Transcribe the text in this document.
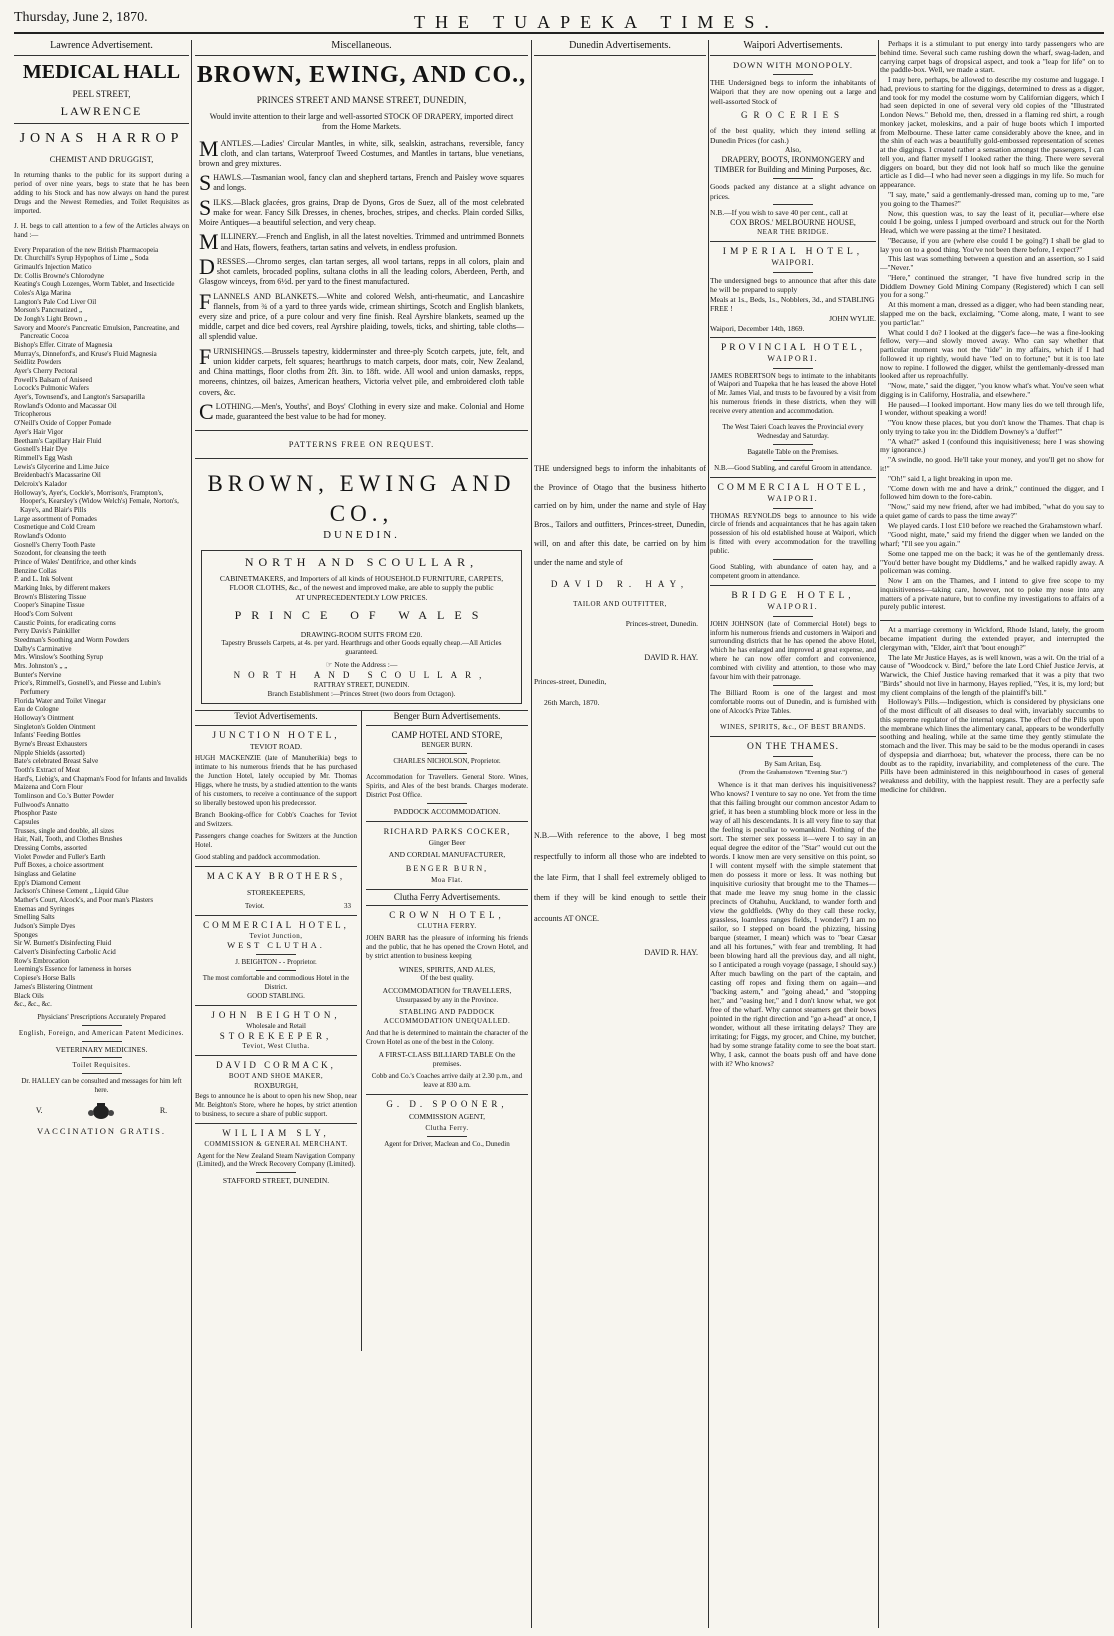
Thursday, June 2, 1870.	THE TUAPEKA TIMES.
Lawrence Advertisement.
MEDICAL HALL
PEEL STREET,
LAWRENCE
JONAS HARROP
CHEMIST AND DRUGGIST,
In returning thanks to the public for its support during a period of over nine years, begs to state that he has been adding to his Stock and has now always on hand the purest Drugs and the Newest Remedies, and Toilet Requisites as imported.
J. H. begs to call attention to a few of the Articles always on hand :—
Every Preparation of the new British Pharmacopeia
Dr. Churchill's Syrup Hypophos of Lime „ Soda
Grimault's Injection Matico
Dr. Collis Browne's Chlorodyne
Keating's Cough Lozenges, Worm Tablet, and Insecticide
Coles's Alga Marina
Langton's Pale Cod Liver Oil
Morson's Pancreatized „
De Jongh's Light Brown „
Savory and Moore's Pancreatic Emulsion, Pancreatine, and Pancreatic Cocoa
Bishop's Effer. Citrate of Magnesia
Murray's, Dinneford's, and Kruse's Fluid Magnesia
Seidlitz Powders
Ayer's Cherry Pectoral
Powell's Balsam of Aniseed
Locock's Pulmonic Wafers
Ayer's, Townsend's, and Langton's Sarsaparilla
Rowland's Odonto and Macassar Oil
Tricopherous
O'Neill's Oxide of Copper Pomade
Ayer's Hair Vigor
Beetham's Capillary Hair Fluid
Gosnell's Hair Dye
Rimmell's Egg Wash
Lewis's Glycerine and Lime Juice
Breidenbach's Macassarine Oil
Delcroix's Kalador
Holloway's, Ayer's, Cockle's, Morrison's, Frampton's, Hooper's, Kearsley's (Widow Welch's) Female, Norton's, Kaye's, and Blair's Pills
Large assortment of Pomades
Cosmetique and Cold Cream
Rowland's Odonto
Gosnell's Cherry Tooth Paste
Sozodont, for cleansing the teeth
Prince of Wales' Dentifrice, and other kinds
Benzine Collas
P. and L. Ink Solvent
Marking Inks, by different makers
Brown's Blistering Tissue
Cooper's Sinapine Tissue
Hood's Corn Solvent
Caustic Points, for eradicating corns
Perry Davis's Painkiller
Steedman's Soothing and Worm Powders
Dalby's Carminative
Mrs. Winslow's Soothing Syrup
Mrs. Johnston's „ „
Bunter's Nervine
Price's, Rimmell's, Gosnell's, and Piesse and Lubin's Perfumery
Florida Water and Toilet Vinegar
Eau de Cologne
Holloway's Ointment
Singleton's Golden Ointment
Infants' Feeding Bottles
Byrne's Breast Exhausters
Nipple Shields (assorted)
Bate's celebrated Breast Salve
Tooth's Extract of Meat
Hard's, Liebig's, and Chapman's Food for Infants and Invalids
Maizena and Corn Flour
Tomlinson and Co.'s Butter Powder
Fullwood's Annatto
Phosphor Paste
Capsules
Trusses, single and double, all sizes
Hair, Nail, Tooth, and Clothes Brushes
Dressing Combs, assorted
Violet Powder and Fuller's Earth
Puff Boxes, a choice assortment
Isinglass and Gelatine
Epp's Diamond Cement
Jackson's Chinese Cement „ Liquid Glue
Mather's Court, Alcock's, and Poor man's Plasters
Enemas and Syringes
Smelling Salts
Judson's Simple Dyes
Sponges
Sir W. Burnett's Disinfecting Fluid
Calvert's Disinfecting Carbolic Acid
Row's Embrocation
Leeming's Essence for lameness in horses
Copiese's Horse Balls
James's Blistering Ointment
Black Oils
&c., &c., &c.
Physicians' Prescriptions Accurately Prepared
English, Foreign, and American Patent Medicines.
VETERINARY MEDICINES.
Toilet Requisites.
Dr. HALLEY can be consulted and messages for him left here.
V.	R.
VACCINATION GRATIS.
Miscellaneous.
BROWN, EWING, AND CO.,
PRINCES STREET AND MANSE STREET, DUNEDIN,
Would invite attention to their large and well-assorted STOCK OF DRAPERY, imported direct from the Home Markets.
MANTLES.—Ladies' Circular Mantles, in white, silk, sealskin, astrachans, reversible, fancy cloth, and clan tartans, Waterproof Tweed Costumes, and Mantles in tartans, blue venetians, brown and grey mixtures.
SHAWLS.—Tasmanian wool, fancy clan and shepherd tartans, French and Paisley wove squares and longs.
SILKS.—Black glacées, gros grains, Drap de Dyons, Gros de Suez, all of the most celebrated make for wear. Fancy Silk Dresses, in chenes, broches, stripes, and checks. Plain corded Silks, Moire Antiques—a beautiful selection, and very cheap.
MILLINERY.—French and English, in all the latest novelties. Trimmed and untrimmed Bonnets and Hats, flowers, feathers, tartan satins and velvets, in endless profusion.
DRESSES.—Chromo serges, clan tartan serges, all wool tartans, repps in all colors, plain and shot camlets, brocaded poplins, sultana cloths in all the leading colors, Aberdeen, Perth, and Glasgow winceys, from 6½d. per yard to the finest manufactured.
FLANNELS AND BLANKETS.—White and colored Welsh, anti-rheumatic, and Lancashire flannels, from ¾ of a yard to three yards wide, crimean shirtings, Scotch and English blankets, every size and price, of a pure colour and very fine finish. Real Ayrshire blankets, seamed up the middle, carpet and dice bed covers, real Ayrshire plaiding, towels, ticks, and shirting, table cloths—all splendid value.
FURNISHINGS.—Brussels tapestry, kidderminster and three-ply Scotch carpets, jute, felt, and union kidder carpets, felt squares; hearthrugs to match carpets, door mats, coir, New Zealand, and China mattings, floor cloths from 2ft. 3in. to 18ft. wide. All wool and union damasks, repps, moreens, chintzes, oil baizes, American heathers, Victoria velvet pile, and embroidered cloth table covers, &c.
CLOTHING.—Men's, Youths', and Boys' Clothing in every size and make. Colonial and Home made, guaranteed the best value to be had for money.
PATTERNS FREE ON REQUEST.
BROWN, EWING AND CO.,
DUNEDIN.
NORTH AND SCOULLAR,
CABINETMAKERS, and Importers of all kinds of HOUSEHOLD FURNITURE, CARPETS, FLOOR CLOTHS, &c., of the newest and improved make, are able to supply the public
AT UNPRECEDENTEDLY LOW PRICES.
PRINCE OF WALES
DRAWING-ROOM SUITS FROM £20.
Tapestry Brussels Carpets, at 4s. per yard. Hearthrugs and other Goods equally cheap.—All Articles guaranteed.
☞ Note the Address :—
NORTH AND SCOULLAR,
RATTRAY STREET, DUNEDIN.
Branch Establishment :—Princes Street (two doors from Octagon).
Teviot Advertisements.
JUNCTION HOTEL,
TEVIOT ROAD.
HUGH MACKENZIE (late of Manuherikia) begs to intimate to his numerous friends that he has purchased the Junction Hotel, lately occupied by Mr. Thomas Higgs, where he trusts, by a studied attention to the wants of his customers, to receive a continuance of the support so liberally bestowed upon his predecessor.
Branch Booking-office for Cobb's Coaches for Teviot and Switzers.
Passengers change coaches for Switzers at the Junction Hotel.
Good stabling and paddock accommodation.
MACKAY BROTHERS,
STOREKEEPERS,
Teviot.	33
COMMERCIAL HOTEL,
Teviot Junction,
WEST CLUTHA.
J. BEIGHTON - - Proprietor.
The most comfortable and commodious Hotel in the District.
GOOD STABLING.
JOHN BEIGHTON,
Wholesale and Retail
STOREKEEPER,
Teviot, West Clutha.
DAVID CORMACK,
BOOT AND SHOE MAKER,
ROXBURGH,
Begs to announce he is about to open his new Shop, near Mr. Beighton's Store, where he hopes, by strict attention to business, to secure a share of public support.
WILLIAM SLY,
COMMISSION & GENERAL MERCHANT.
Agent for the New Zealand Steam Navigation Company (Limited), and the Wreck Recovery Company (Limited).
STAFFORD STREET, DUNEDIN.
Benger Burn Advertisements.
CAMP HOTEL AND STORE,
BENGER BURN.
CHARLES NICHOLSON, Proprietor.
Accommodation for Travellers. General Store. Wines, Spirits, and Ales of the best brands. Charges moderate. District Post Office.
PADDOCK ACCOMMODATION.
RICHARD PARKS COCKER,
Ginger Beer
AND CORDIAL MANUFACTURER,
BENGER BURN,
Moa Flat.
Clutha Ferry Advertisements.
CROWN HOTEL,
CLUTHA FERRY.
JOHN BARR has the pleasure of informing his friends and the public, that he has opened the Crown Hotel, and by strict attention to business keeping
WINES, SPIRITS, AND ALES,
Of the best quality.
ACCOMMODATION for TRAVELLERS,
Unsurpassed by any in the Province.
STABLING AND PADDOCK ACCOMMODATION UNEQUALLED.
And that he is determined to maintain the character of the Crown Hotel as one of the best in the Colony.
A FIRST-CLASS BILLIARD TABLE On the premises.
Cobb and Co.'s Coaches arrive daily at 2.30 p.m., and leave at 830 a.m.
G. D. SPOONER,
COMMISSION AGENT,
Clutha Ferry.
Agent for Driver, Maclean and Co., Dunedin
Dunedin Advertisements.
THE undersigned begs to inform the inhabitants of the Province of Otago that the business hitherto carried on by him, under the name and style of Hay Bros., Tailors and outfitters, Princes-street, Dunedin, will, on and after this date, be carried on by him under the name and style of
DAVID R. HAY,
TAILOR AND OUTFITTER,
Princes-street, Dunedin.
DAVID R. HAY.
Princes-street, Dunedin,
26th March, 1870.
N.B.—With reference to the above, I beg most respectfully to inform all those who are indebted to the late Firm, that I shall feel extremely obliged to them if they will be kind enough to settle their accounts AT ONCE.
DAVID R. HAY.
Waipori Advertisements.
DOWN WITH MONOPOLY.
THE Undersigned begs to inform the inhabitants of Waipori that they are now opening out a large and well-assorted Stock of
GROCERIES
of the best quality, which they intend selling at Dunedin Prices (for cash.)
Also,
DRAPERY, BOOTS, IRONMONGERY and TIMBER for Building and Mining Purposes, &c.
Goods packed any distance at a slight advance on prices.
N.B.—If you wish to save 40 per cent., call at
COX BROS.' MELBOURNE HOUSE,
NEAR THE BRIDGE.
IMPERIAL HOTEL,
WAIPORI.
The undersigned begs to announce that after this date he will be prepared to supply
Meals at 1s., Beds, 1s., Nobblers, 3d., and STABLING FREE !
JOHN WYLIE.
Waipori, December 14th, 1869.
PROVINCIAL HOTEL,
WAIPORI.
JAMES ROBERTSON begs to intimate to the inhabitants of Waipori and Tuapeka that he has leased the above Hotel of Mr. James Vial, and trusts to be favoured by a visit from his numerous friends in these districts, when they will receive every attention and accommodation.
The West Taieri Coach leaves the Provincial every Wednesday and Saturday.
Bagatelle Table on the Premises.
N.B.—Good Stabling, and careful Groom in attendance.
COMMERCIAL HOTEL,
WAIPORI.
THOMAS REYNOLDS begs to announce to his wide circle of friends and acquaintances that he has again taken possession of his old established house at Waipori, which is fitted with every accommodation for the travelling public.
Good Stabling, with abundance of oaten hay, and a competent groom in attendance.
BRIDGE HOTEL,
WAIPORI.
JOHN JOHNSON (late of Commercial Hotel) begs to inform his numerous friends and customers in Waipori and surrounding districts that he has opened the above Hotel, which he has enlarged and improved at great expense, and where he can now offer comfort and convenience, combined with civility and attention, to those who may favour him with their patronage.
The Billiard Room is one of the largest and most comfortable rooms out of Dunedin, and is furnished with one of Alcock's Prize Tables.
WINES, SPIRITS, &c., OF BEST BRANDS.
ON THE THAMES.
By Sam Aritan, Esq.
(From the Grahamstown "Evening Star.")
Whence is it that man derives his inquisitiveness? Who knows? I venture to say no one. Yet from the time that this failing brought our common ancestor Adam to grief, it has been a stumbling block more or less in the way of all his descendants. It is all very fine to say that the feeling is peculiar to womankind. Nothing of the sort. The sterner sex possess it—were I to say in an equal degree the editor of the "Star" would cut out the words. I know men are very sensitive on this point, so I will content myself with the simple statement that men do possess it more or less. It was nothing but inquisitive curiosity that brought me to the Thames—that made me leave my snug home in the classic precincts of Otahuhu, Auckland, to wander forth and view the goldfields. (Why do they call these rocky, grassless, loamless ranges fields, I wonder?) I am no sailor, so I stepped on board the phizzing, hissing barque (steamer, I mean) which was to "bear Cæsar and all his fortunes," with fear and trembling. It had been blowing hard all the previous day, and all night, so I anticipated a rough voyage (passage, I should say.) After much bawling on the part of the captain, and casting off ropes and fixing them on again—and "backing astern," and "going ahead," and "stopping her," and "easing her," and I don't know what, we got free of the wharf. Why cannot steamers get their bows pointed in the right direction and "go a-head" at once, I wonder, without all these irritating delays? They are irritating; for Figgs, my grocer, and Chine, my butcher, had by some strange fatality come to see the boat start. Why, I ask, cannot the boats push off and have done with it? Who knows?
Perhaps it is a stimulant to put energy into tardy passengers who are behind time. Several such came rushing down the wharf, swag-laden, and carrying carpet bags of dropsical aspect, and took a "leap for life" on to the paddle-box. Well, we made a start.
I may here, perhaps, be allowed to describe my costume and luggage. I had, previous to starting for the diggings, determined to dress as a digger, and took for my model the costume worn by Californian diggers, which I had seen depicted in one of several very old copies of the "Illustrated London News." Behold me, then, dressed in a flaming red shirt, a rough monkey jacket, moleskins, and a pair of huge boots which I imported from Melbourne. These latter came considerably above the knee, and in the shin of each was a beautifully gold-embossed representation of scenes at the diggings. I created rather a sensation amongst the passengers, I can tell you, and flatter myself I looked rather the thing. There were several diggers on board, but they did not look half so much like the genuine article as I did—I who had never seen a diggings in my life. So much for appearance.
"I say, mate," said a gentlemanly-dressed man, coming up to me, "are you going to the Thames?"
Now, this question was, to say the least of it, peculiar—where else could I be going, unless I jumped overboard and struck out for the North Head, which we were passing at the time? I hesitated.
"Because, if you are (where else could I be going?) I shall be glad to lay you on to a good thing. You've not been there before, I expect?"
This last was something between a question and an assertion, so I said—"Never."
"Here," continued the stranger, "I have five hundred scrip in the Diddlem Downey Gold Mining Company (Registered) which I can sell you for a song."
At this moment a man, dressed as a digger, who had been standing near, slapped me on the back, exclaiming, "Come along, mate, I want to see you partic'lar."
What could I do? I looked at the digger's face—he was a fine-looking fellow, very—and slowly moved away. Who can say whether that particular moment was not the "tide" in my affairs, which if I had followed it up rightly, would have "led on to fortune;" but it is too late now to repine. I followed the digger, whilst the gentlemanly-dressed man looked after us reproachfully.
"Now, mate," said the digger, "you know what's what. You've seen what digging is in Californy, Hostralia, and elsewhere."
He paused—I looked important. How many lies do we tell through life, I wonder, without speaking a word!
"You know these places, but you don't know the Thames. That chap is only trying to take you in: the Diddlem Downey's a 'duffer!'"
"A what?" asked I (confound this inquisitiveness; here I was showing my ignorance.)
"A swindle, no good. He'll take your money, and you'll get no show for it!"
"Oh!" said I, a light breaking in upon me.
"Come down with me and have a drink," continued the digger, and I followed him down to the fore-cabin.
"Now," said my new friend, after we had imbibed, "what do you say to a quiet game of cards to pass the time away?"
We played cards. I lost £10 before we reached the Grahamstown wharf.
"Good night, mate," said my friend the digger when we landed on the wharf; "I'll see you again."
Some one tapped me on the back; it was he of the gentlemanly dress. "You'd better have bought my Diddlems," and he walked rapidly away. A policeman was coming.
Now I am on the Thames, and I intend to give free scope to my inquisitiveness—taking care, however, not to poke my nose into any matters of a private nature, but to confine my investigations to affairs of a purely public interest.
At a marriage ceremony in Wickford, Rhode Island, lately, the groom became impatient during the extended prayer, and interrupted the clergyman with, "Elder, ain't that 'bout enough?"
The late Mr Justice Hayes, as is well known, was a wit. On the trial of a cause of "Woodcock v. Bird," before the late Lord Chief Justice Jervis, at Warwick, the Chief Justice having remarked that it was a pity that two "Birds" should not live in harmony, Hayes replied, "Yes, it is, my lord; but my client complains of the length of the plaintiff's bill."
Holloway's Pills.—Indigestion, which is considered by physicians one of the most difficult of all diseases to deal with, invariably succumbs to this supreme regulator of the internal organs. The effect of the Pills upon the membrane which lines the alimentary canal, appears to be wonderfully soothing and healing, while at the same time they gently stimulate the stomach and the liver. This may be said to be the modus operandi in cases of dyspepsia and diarrhoea; but, whatever the process, there can be no doubt as to the rapidity, invariability, and completeness of the cure. The Pills have been administered in this neighbourhood in cases of general weakness and debility, with the happiest result. They are a perfectly safe medicine for children.
